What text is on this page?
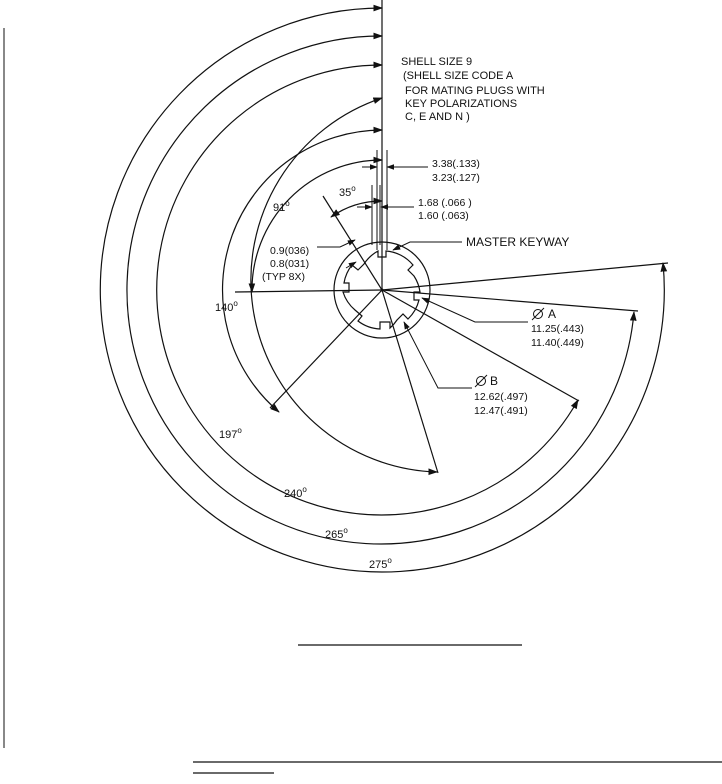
SHELL SIZE 9
(SHELL SIZE CODE A
FOR MATING PLUGS WITH
KEY POLARIZATIONS
C, E AND N )
3.38(.133)
3.23(.127)
1.68 (.066 )
1.60 (.063)
MASTER KEYWAY
0.9(036)
0.8(031)
(TYP 8X)
A
11.25(.443)
11.40(.449)
B
12.62(.497)
12.47(.491)
35$^o$
91$^o$
140$^o$
197$^o$
240$^o$
265$^o$
275$^o$
